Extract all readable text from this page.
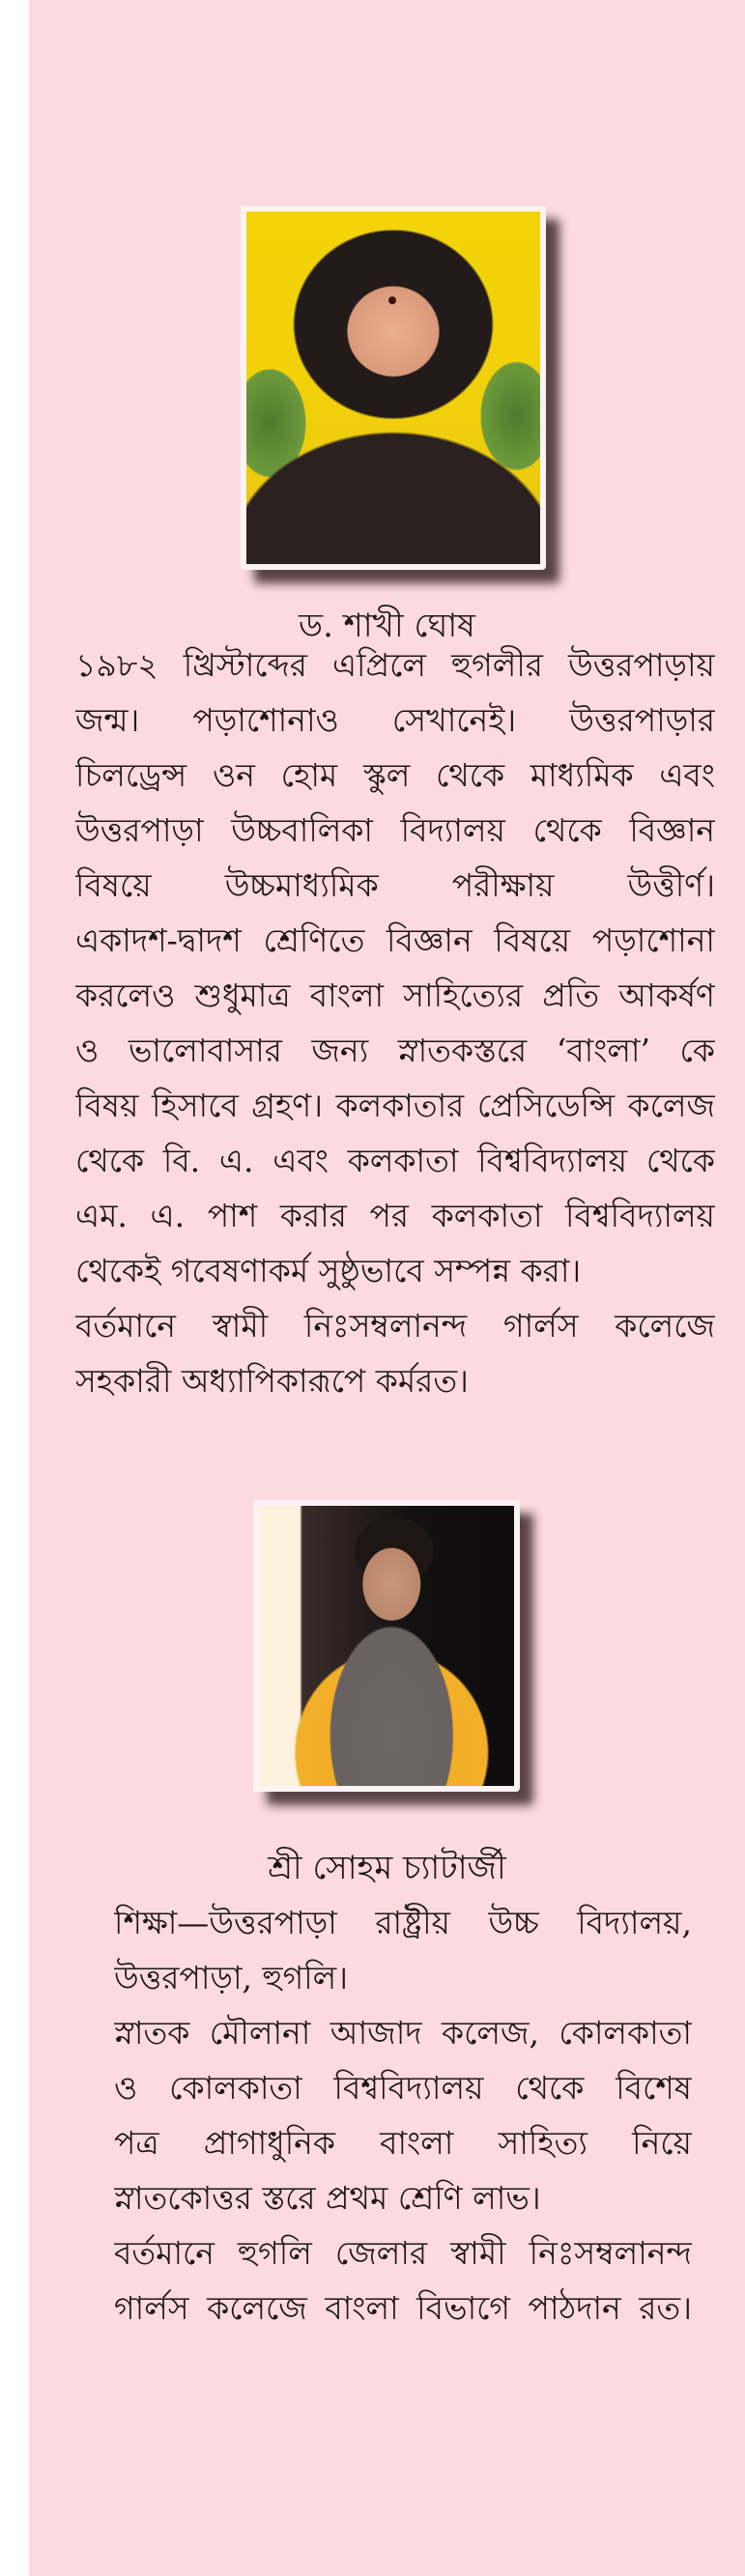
ড. শাখী ঘোষ
১৯৮২ খ্রিস্টাব্দের এপ্রিলে হুগলীর উত্তরপাড়ায়
জন্ম। পড়াশোনাও সেখানেই। উত্তরপাড়ার
চিলড্রেন্স ওন হোম স্কুল থেকে মাধ্যমিক এবং
উত্তরপাড়া উচ্চবালিকা বিদ্যালয় থেকে বিজ্ঞান
বিষয়ে উচ্চমাধ্যমিক পরীক্ষায় উত্তীর্ণ।
একাদশ-দ্বাদশ শ্রেণিতে বিজ্ঞান বিষয়ে পড়াশোনা
করলেও শুধুমাত্র বাংলা সাহিত্যের প্রতি আকর্ষণ
ও ভালোবাসার জন্য স্নাতকস্তরে ‘বাংলা’ কে
বিষয় হিসাবে গ্রহণ। কলকাতার প্রেসিডেন্সি কলেজ
থেকে বি. এ. এবং কলকাতা বিশ্ববিদ্যালয় থেকে
এম. এ. পাশ করার পর কলকাতা বিশ্ববিদ্যালয়
থেকেই গবেষণাকর্ম সুষ্ঠুভাবে সম্পন্ন করা।
বর্তমানে স্বামী নিঃসম্বলানন্দ গার্লস কলেজে
সহকারী অধ্যাপিকারূপে কর্মরত।
শ্রী সোহম চ্যাটার্জী
শিক্ষা—উত্তরপাড়া রাষ্ট্রীয় উচ্চ বিদ্যালয়,
উত্তরপাড়া, হুগলি।
স্নাতক মৌলানা আজাদ কলেজ, কোলকাতা
ও কোলকাতা বিশ্ববিদ্যালয় থেকে বিশেষ
পত্র প্রাগাধুনিক বাংলা সাহিত্য নিয়ে
স্নাতকোত্তর স্তরে প্রথম শ্রেণি লাভ।
বর্তমানে হুগলি জেলার স্বামী নিঃসম্বলানন্দ
গার্লস কলেজে বাংলা বিভাগে পাঠদান রত।
